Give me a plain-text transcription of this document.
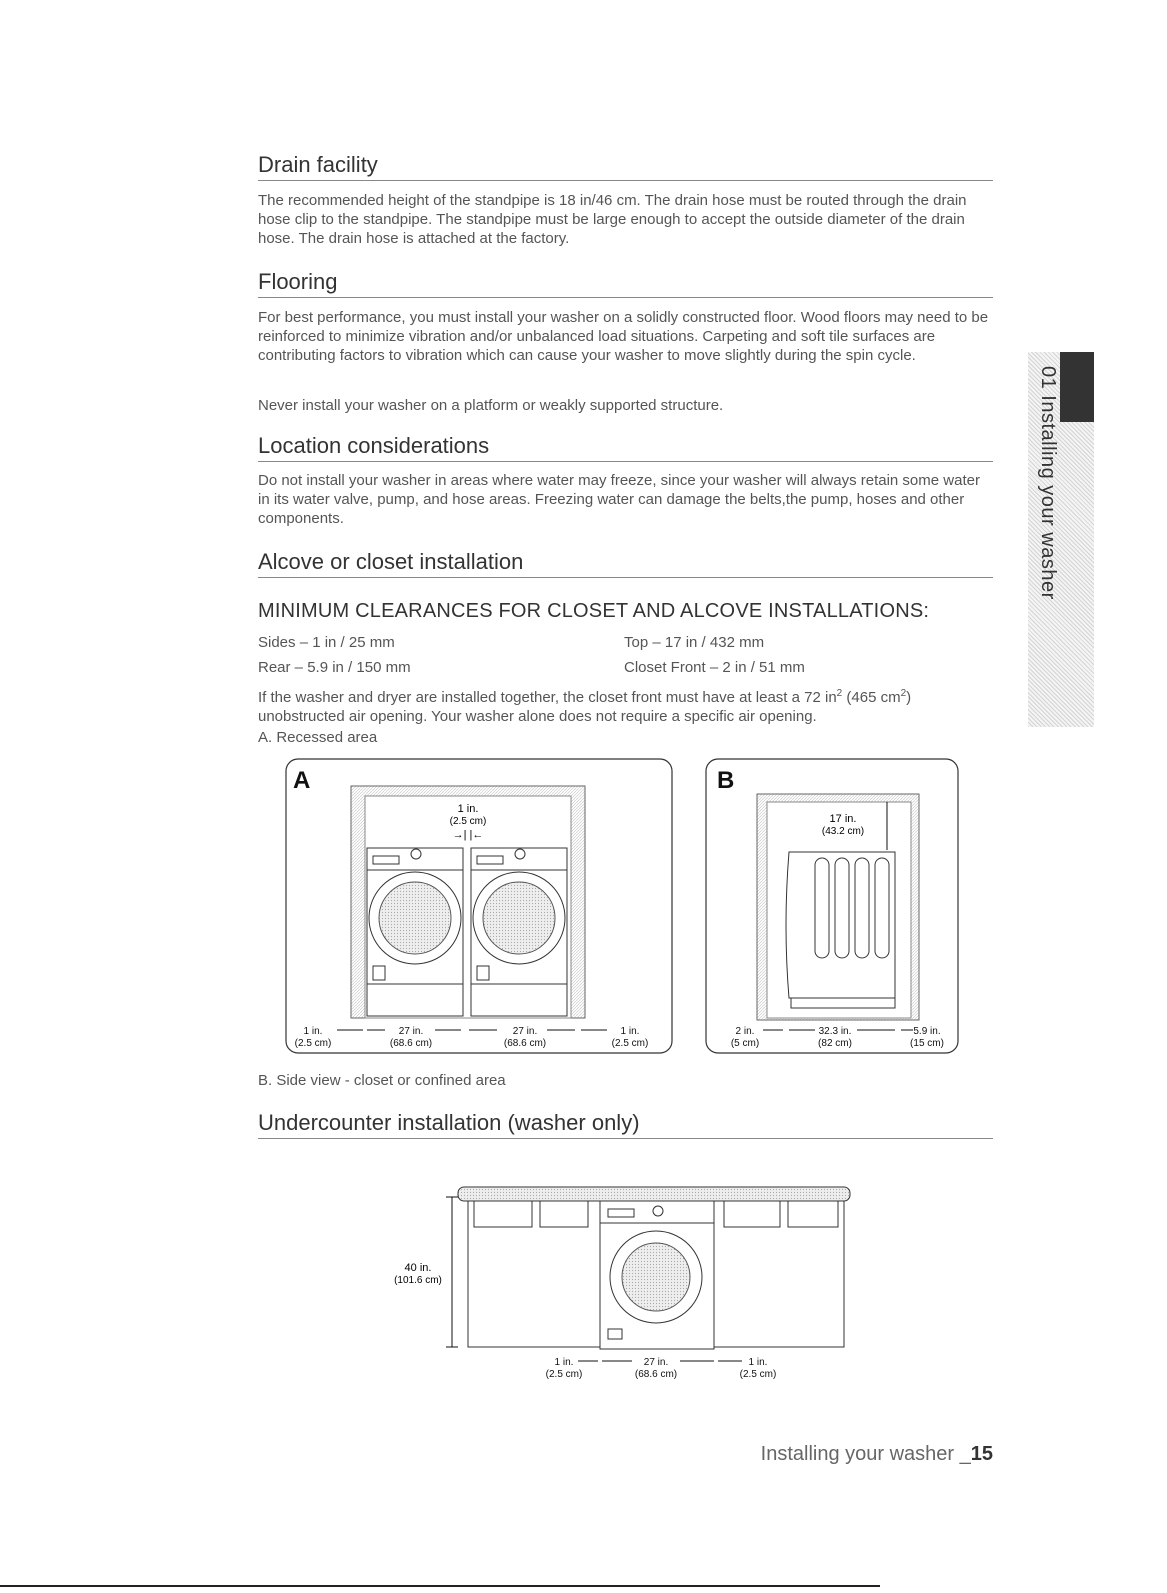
Drain facility

The recommended height of the standpipe is 18 in/46 cm. The drain hose must be routed through the drain hose clip to the standpipe. The standpipe must be large enough to accept the outside diameter of the drain hose. The drain hose is attached at the factory.

Flooring

For best performance, you must install your washer on a solidly constructed floor. Wood floors may need to be reinforced to minimize vibration and/or unbalanced load situations. Carpeting and soft tile surfaces are contributing factors to vibration which can cause your washer to move slightly during the spin cycle.

Never install your washer on a platform or weakly supported structure.

Location considerations

Do not install your washer in areas where water may freeze, since your washer will always retain some water in its water valve, pump, and hose areas. Freezing water can damage the belts,the pump, hoses and other components.

Alcove or closet installation
MINIMUM CLEARANCES FOR CLOSET AND ALCOVE INSTALLATIONS:
Sides – 1 in / 25 mm	Top – 17 in / 432 mm
Rear – 5.9 in / 150 mm	Closet Front – 2 in / 51 mm

If the washer and dryer are installed together, the closet front must have at least a 72 $in^2$ (465 $cm^2$) unobstructed air opening. Your washer alone does not require a specific air opening.

A. Recessed area
A
1 in.
(2.5 cm)
→| |←
1 in.
(2.5 cm)
27 in.
(68.6 cm)
27 in.
(68.6 cm)
1 in.
(2.5 cm)
B
17 in.
(43.2 cm)
2 in.
(5 cm)
32.3 in.
(82 cm)
5.9 in.
(15 cm)
B. Side view - closet or confined area
Undercounter installation (washer only)
40 in.
(101.6 cm)
1 in.
(2.5 cm)
27 in.
(68.6 cm)
1 in.
(2.5 cm)
01 Installing your washer
Installing your washer _15
